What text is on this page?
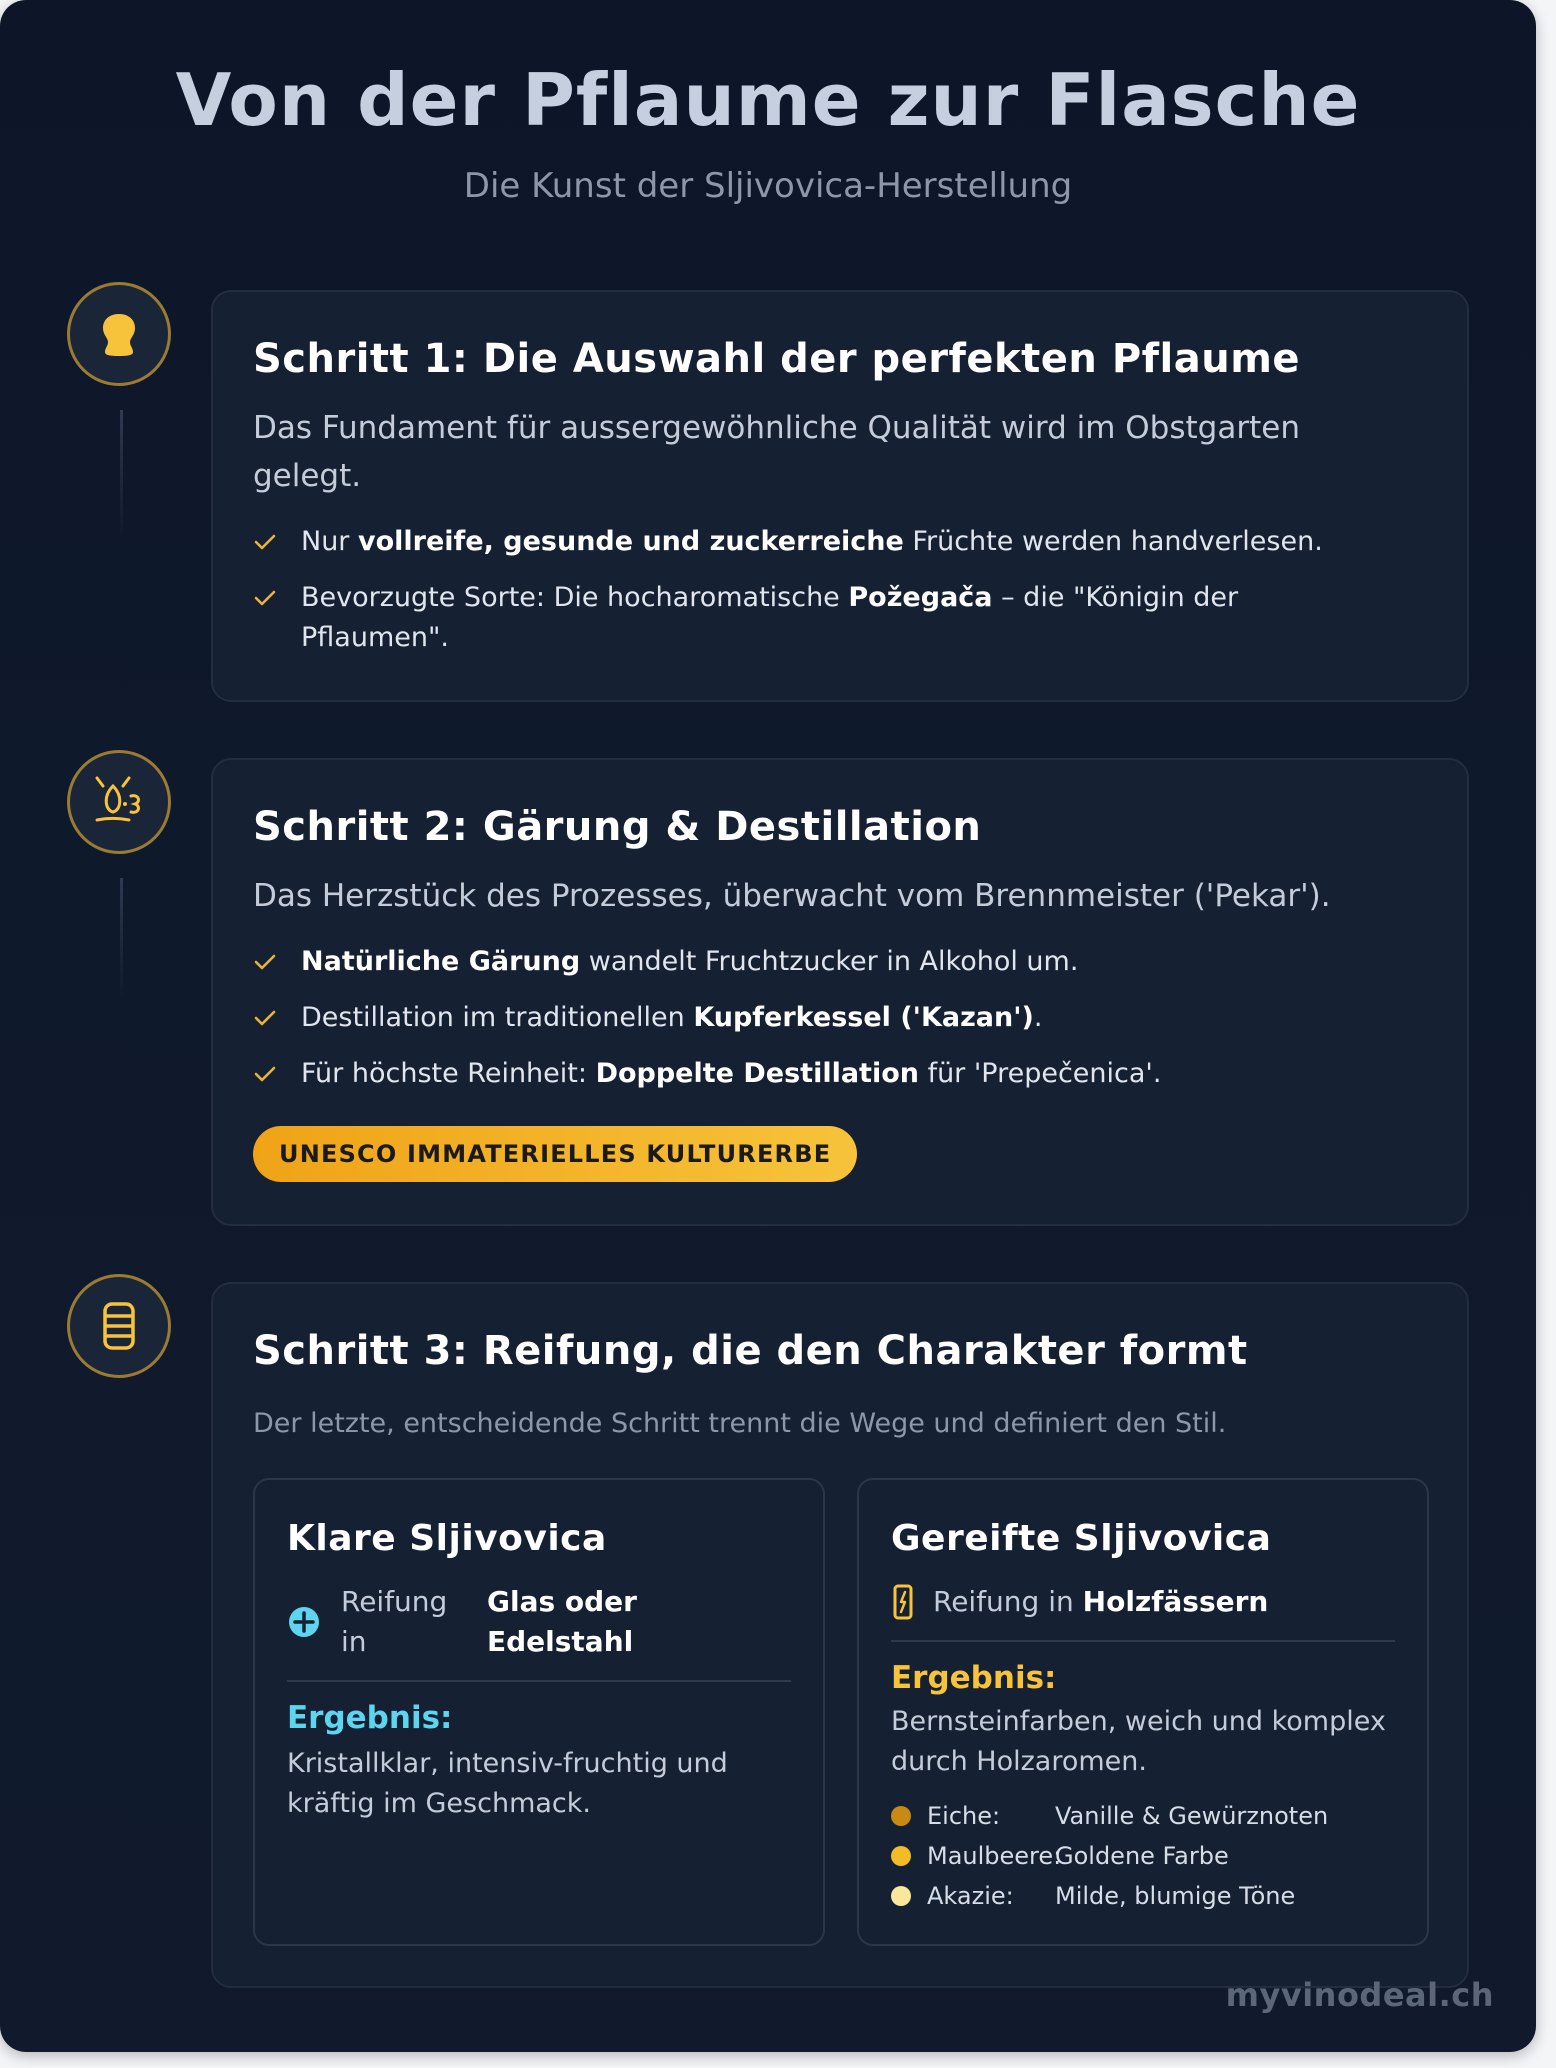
Von der Pflaume zur Flasche

Die Kunst der Sljivovica-Herstellung

Schritt 1: Die Auswahl der perfekten Pflaume

Das Fundament für aussergewöhnliche Qualität wird im Obstgarten gelegt.

Nur vollreife, gesunde und zuckerreiche Früchte werden handverlesen.
Bevorzugte Sorte: Die hocharomatische Požegača – die "Königin der Pflaumen".
Schritt 2: Gärung & Destillation

Das Herzstück des Prozesses, überwacht vom Brennmeister ('Pekar').

Natürliche Gärung wandelt Fruchtzucker in Alkohol um.
Destillation im traditionellen Kupferkessel ('Kazan').
Für höchste Reinheit: Doppelte Destillation für 'Prepečenica'.
UNESCO IMMATERIELLES KULTURERBE
Schritt 3: Reifung, die den Charakter formt

Der letzte, entscheidende Schritt trennt die Wege und definiert den Stil.

Klare Sljivovica
Reifung in
Glas oder Edelstahl

Ergebnis:

Kristallklar, intensiv-fruchtig und kräftig im Geschmack.

Gereifte Sljivovica
Reifung in Holzfässern

Ergebnis:

Bernsteinfarben, weich und komplex durch Holzaromen.

Eiche:	Vanille & Gewürznoten
Maulbeere:
Goldene Farbe
Akazie:	Milde, blumige Töne

myvinodeal.ch
